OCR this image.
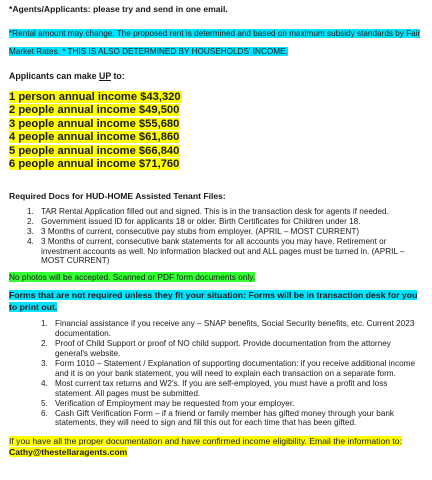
*Agents/Applicants: please try and send in one email.
*Rental amount may change. The proposed rent is determined and based on maximum subsidy standards by Fair Market Rates. * THIS IS ALSO DETERMINED BY HOUSEHOLDS' INCOME.
Applicants can make UP to:
1 person annual income $43,320
2 people annual income $49,500
3 people annual income $55,680
4 people annual income $61,860
5 people annual income $66,840
6 people annual income $71,760
Required Docs for HUD-HOME Assisted Tenant Files:
1. TAR Rental Application filled out and signed. This is in the transaction desk for agents if needed.
2. Government issued ID for applicants 18 or older. Birth Certificates for Children under 18.
3. 3 Months of current, consecutive pay stubs from employer. (APRIL – MOST CURRENT)
4. 3 Months of current, consecutive bank statements for all accounts you may have. Retirement or investment accounts as well. No information blacked out and ALL pages must be turned in. (APRIL – MOST CURRENT)
No photos will be accepted. Scanned or PDF form documents only.
Forms that are not required unless they fit your situation: Forms will be in transaction desk for you to print out.
1. Financial assistance if you receive any – SNAP benefits, Social Security benefits, etc. Current 2023 documentation.
2. Proof of Child Support or proof of NO child support. Provide documentation from the attorney general's website.
3. Form 1010 – Statement / Explanation of supporting documentation: if you receive additional income and it is on your bank statement, you will need to explain each transaction on a separate form.
4. Most current tax returns and W2's. If you are self-employed, you must have a profit and loss statement. All pages must be submitted.
5. Verification of Employment may be requested from your employer.
6. Cash Gift Verification Form – if a friend or family member has gifted money through your bank statements, they will need to sign and fill this out for each time that has been gifted.
If you have all the proper documentation and have confirmed income eligibility. Email the information to:
Cathy@thestellaragents.com
